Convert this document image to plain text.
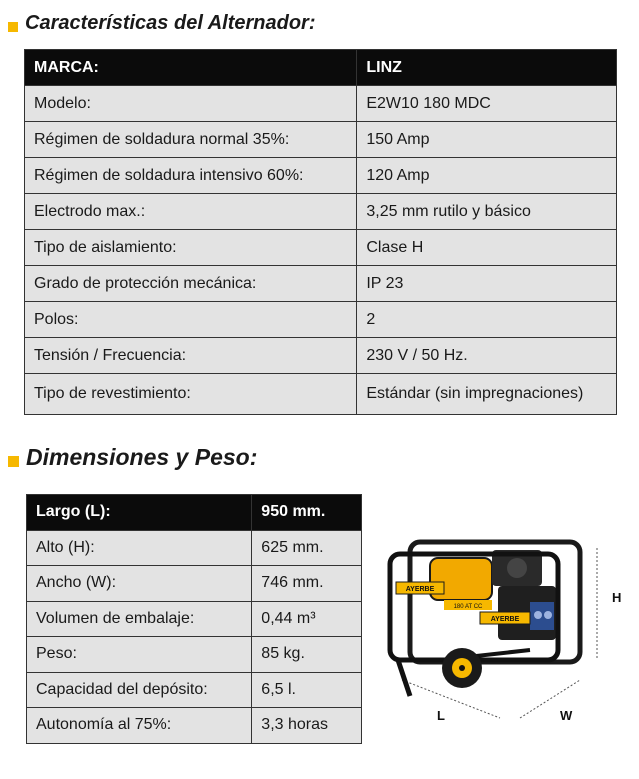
Características del Alternador :
MARCA:	LINZ
Modelo:	E2W10 180 MDC
Régimen de soldadura normal 35%:	150 Amp
Régimen de soldadura intensivo 60%:	120 Amp
Electrodo max.:	3,25 mm rutilo y básico
Tipo de aislamiento:	Clase H
Grado de protección mecánica:	IP 23
Polos:	2
Tensión / Frecuencia:	230 V / 50 Hz.
Tipo de revestimiento:	Estándar (sin impregnaciones)
Dimensiones y Peso:
Largo (L):	950 mm.
Alto (H):	625 mm.
Ancho (W):	746 mm.
Volumen de embalaje:	0,44 m³
Peso:	85 kg.
Capacidad del depósito:	6,5 l.
Autonomía al 75%:	3,3 horas
AYERBE
180 AT CC
AYERBE
H
L	W
